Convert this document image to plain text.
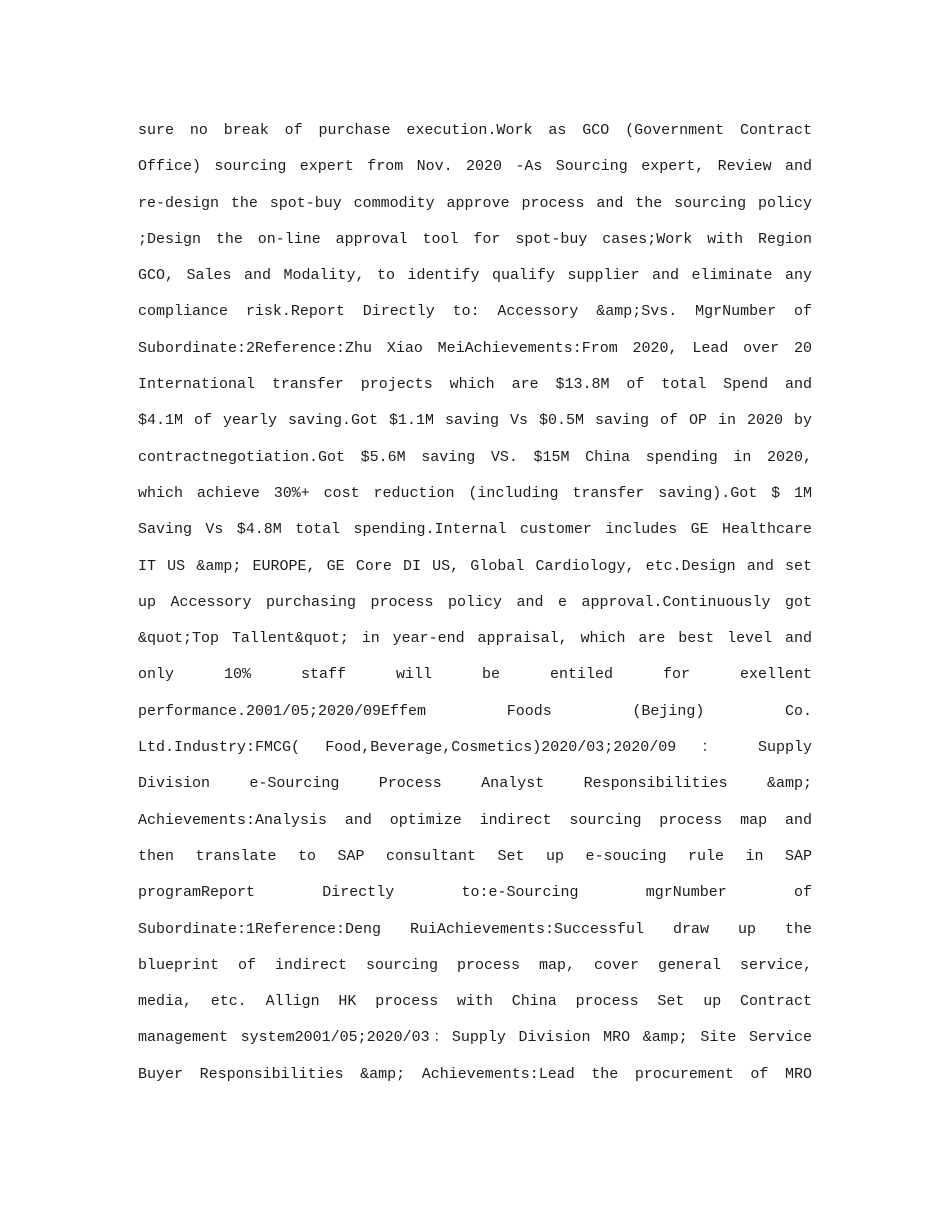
sure no break of purchase execution.Work as GCO (Government Contract
Office) sourcing expert from Nov. 2020 -As Sourcing expert, Review and
re-design the spot-buy commodity approve process and the sourcing policy
;Design the on-line approval tool for spot-buy cases;Work with Region
GCO, Sales and Modality, to identify qualify supplier and eliminate any
compliance risk.Report Directly to: Accessory &amp;Svs. MgrNumber of
Subordinate:2Reference:Zhu Xiao MeiAchievements:From 2020, Lead over 20
International transfer projects which are $13.8M of total Spend and
$4.1M of yearly saving.Got $1.1M saving Vs $0.5M saving of OP in 2020 by
contractnegotiation.Got $5.6M saving VS. $15M China spending in 2020,
which achieve 30%+ cost reduction (including transfer saving).Got $ 1M
Saving Vs $4.8M total spending.Internal customer includes GE Healthcare
IT US &amp; EUROPE, GE Core DI US, Global Cardiology, etc.Design and set
up Accessory purchasing process policy and e approval.Continuously got
&quot;Top Tallent&quot; in year-end appraisal, which are best level and
only 10% staff will be entiled for exellent
performance.2001/05;2020/09Effem Foods (Bejing) Co.
Ltd.Industry:FMCG( Food,Beverage,Cosmetics)2020/03;2020/09 ： Supply
Division e-Sourcing Process Analyst Responsibilities &amp;
Achievements:Analysis and optimize indirect sourcing process map and
then translate to SAP consultant Set up e-soucing rule in SAP
programReport Directly to:e-Sourcing mgrNumber of
Subordinate:1Reference:Deng RuiAchievements:Successful draw up the
blueprint of indirect sourcing process map, cover general service,
media, etc. Allign HK process with China process Set up Contract
management system2001/05;2020/03：Supply Division MRO &amp; Site Service
Buyer Responsibilities &amp; Achievements:Lead the procurement of MRO
